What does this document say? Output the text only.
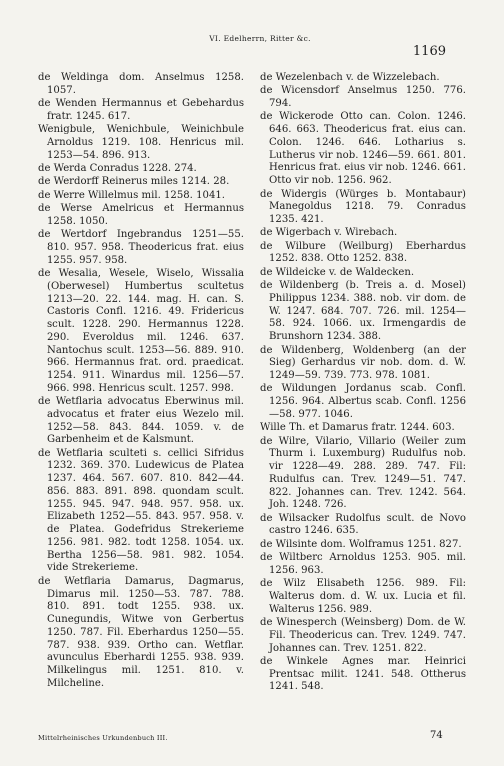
VI. Edelherrn, Ritter &c.
1169

de Weldinga dom. Anselmus 1258. 1057.

de Wenden Hermannus et Gebehardus fratr. 1245. 617.

Wenigbule, Wenichbule, Weinichbule Arnoldus 1219. 108. Henricus mil. 1253—54. 896. 913.

de Werda Conradus 1228. 274.

de Werdorff Reinerus miles 1214. 28.

de Werre Willelmus mil. 1258. 1041.

de Werse Amelricus et Hermannus 1258. 1050.

de Wertdorf Ingebrandus 1251—55. 810. 957. 958. Theodericus frat. eius 1255. 957. 958.

de Wesalia, Wesele, Wiselo, Wissalia (Oberwesel) Humbertus scultetus 1213—20. 22. 144. mag. H. can. S. Castoris Confl. 1216. 49. Fridericus scult. 1228. 290. Hermannus 1228. 290. Everoldus mil. 1246. 637. Nantochus scult. 1253—56. 889. 910. 966. Hermannus frat. ord. praedicat. 1254. 911. Winardus mil. 1256—57. 966. 998. Henricus scult. 1257. 998.

de Wetflaria advocatus Eberwinus mil. advocatus et frater eius Wezelo mil. 1252—58. 843. 844. 1059. v. de Garbenheim et de Kalsmunt.

de Wetflaria sculteti s. cellici Sifridus 1232. 369. 370. Ludewicus de Platea 1237. 464. 567. 607. 810. 842—44. 856. 883. 891. 898. quondam scult. 1255. 945. 947. 948. 957. 958. ux. Elizabeth 1252—55. 843. 957. 958. v. de Platea. Godefridus Strekerieme 1256. 981. 982. todt 1258. 1054. ux. Bertha 1256—58. 981. 982. 1054. vide Strekerieme.

de Wetflaria Damarus, Dagmarus, Dimarus mil. 1250—53. 787. 788. 810. 891. todt 1255. 938. ux. Cunegundis, Witwe von Gerbertus 1250. 787. Fil. Eberhardus 1250—55. 787. 938. 939. Ortho can. Wetflar. avunculus Eberhardi 1255. 938. 939. Milkelingus mil. 1251. 810. v. Milcheline.

de Wezelenbach v. de Wizzelebach.

de Wicensdorf Anselmus 1250. 776. 794.

de Wickerode Otto can. Colon. 1246. 646. 663. Theodericus frat. eius can. Colon. 1246. 646. Lotharius s. Lutherus vir nob. 1246—59. 661. 801. Henricus frat. eius vir nob. 1246. 661. Otto vir nob. 1256. 962.

de Widergis (Würges b. Montabaur) Manegoldus 1218. 79. Conradus 1235. 421.

de Wigerbach v. Wirebach.

de Wilbure (Weilburg) Eberhardus 1252. 838. Otto 1252. 838.

de Wildeicke v. de Waldecken.

de Wildenberg (b. Treis a. d. Mosel) Philippus 1234. 388. nob. vir dom. de W. 1247. 684. 707. 726. mil. 1254—58. 924. 1066. ux. Irmengardis de Brunshorn 1234. 388.

de Wildenberg, Woldenberg (an der Sieg) Gerhardus vir nob. dom. d. W. 1249—59. 739. 773. 978. 1081.

de Wildungen Jordanus scab. Confl. 1256. 964. Albertus scab. Confl. 1256—58. 977. 1046.

Wille Th. et Damarus fratr. 1244. 603.

de Wilre, Vilario, Villario (Weiler zum Thurm i. Luxemburg) Rudulfus nob. vir 1228—49. 288. 289. 747. Fil: Rudulfus can. Trev. 1249—51. 747. 822. Johannes can. Trev. 1242. 564. Joh. 1248. 726.

de Wilsacker Rudolfus scult. de Novo castro 1246. 635.

de Wilsinte dom. Wolframus 1251. 827.

de Wiltberc Arnoldus 1253. 905. mil. 1256. 963.

de Wilz Elisabeth 1256. 989. Fil: Walterus dom. d. W. ux. Lucia et fil. Walterus 1256. 989.

de Winesperch (Weinsberg) Dom. de W. Fil. Theodericus can. Trev. 1249. 747. Johannes can. Trev. 1251. 822.

de Winkele Agnes mar. Heinrici Prentsac milit. 1241. 548. Ottherus 1241. 548.

Mittelrheinisches Urkundenbuch III.	74
